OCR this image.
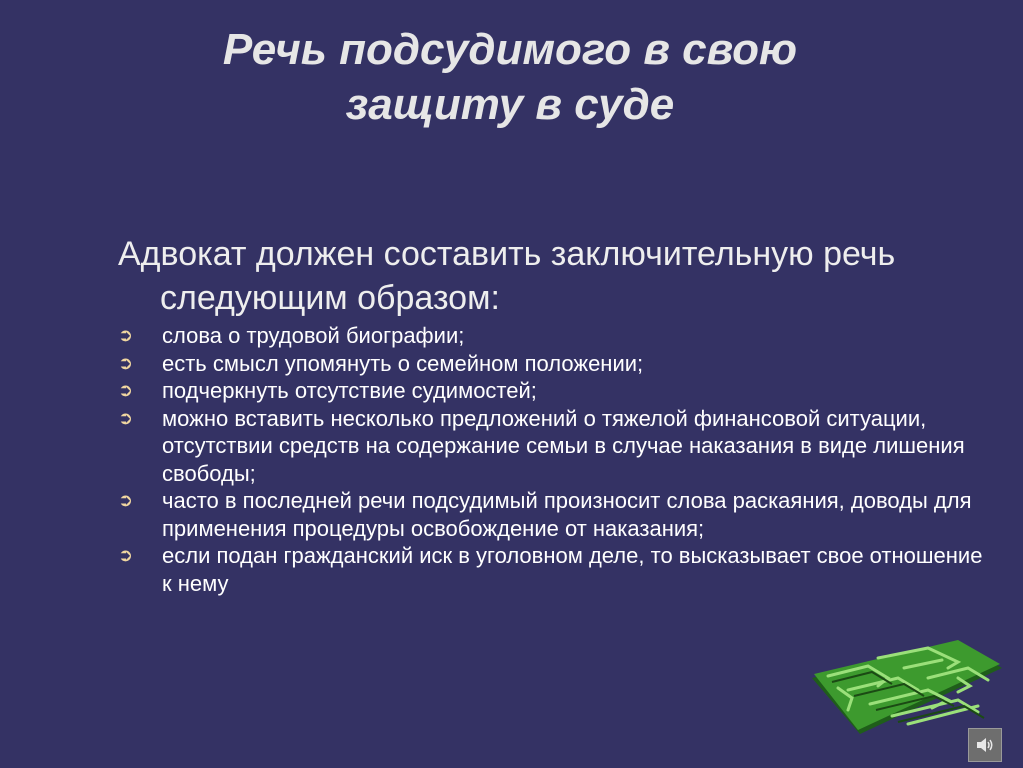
Речь подсудимого в свою
защиту в суде

Адвокат должен составить заключительную речь следующим образом:

➲ слова о трудовой биографии;
➲ есть смысл упомянуть о семейном положении;
➲ подчеркнуть отсутствие судимостей;
➲ можно вставить несколько предложений о тяжелой финансовой ситуации, отсутствии средств на содержание семьи в случае наказания в виде лишения свободы;
➲ часто в последней речи подсудимый произносит слова раскаяния, доводы для применения процедуры освобождение от наказания;
➲ если подан гражданский иск в уголовном деле, то высказывает свое отношение к нему
